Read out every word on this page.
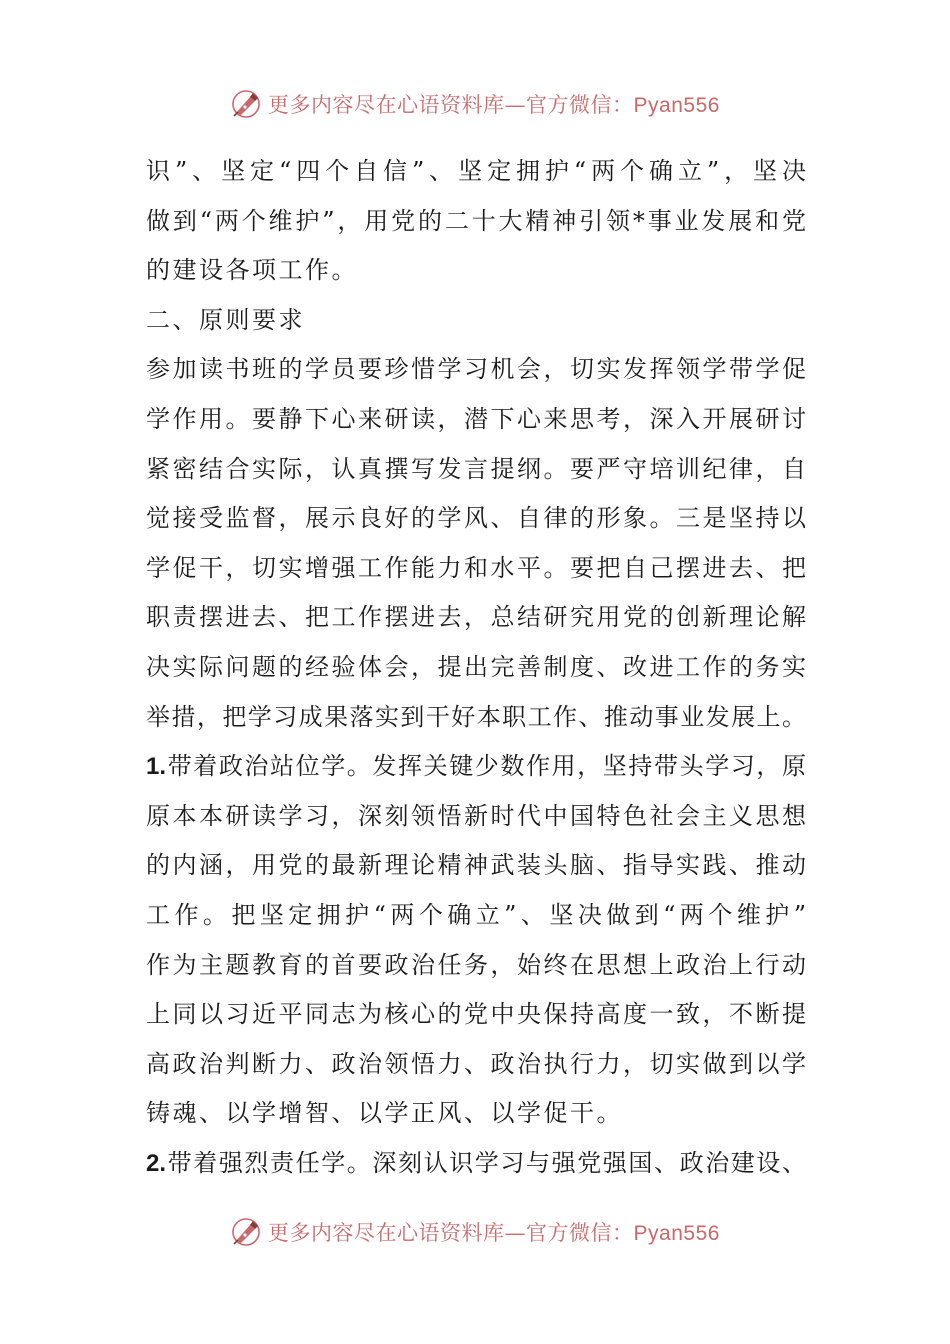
更多内容尽在心语资料库—官方微信：Pyan556
识”、坚定“四个自信”、坚定拥护“两个确立”，坚决
做到“两个维护”，用党的二十大精神引领*事业发展和党
的建设各项工作。
二、原则要求
参加读书班的学员要珍惜学习机会，切实发挥领学带学促
学作用。要静下心来研读，潜下心来思考，深入开展研讨
紧密结合实际，认真撰写发言提纲。要严守培训纪律，自
觉接受监督，展示良好的学风、自律的形象。三是坚持以
学促干，切实增强工作能力和水平。要把自己摆进去、把
职责摆进去、把工作摆进去，总结研究用党的创新理论解
决实际问题的经验体会，提出完善制度、改进工作的务实
举措，把学习成果落实到干好本职工作、推动事业发展上。
1.带着政治站位学。发挥关键少数作用，坚持带头学习，原
原本本研读学习，深刻领悟新时代中国特色社会主义思想
的内涵，用党的最新理论精神武装头脑、指导实践、推动
工作。把坚定拥护“两个确立”、坚决做到“两个维护”
作为主题教育的首要政治任务，始终在思想上政治上行动
上同以习近平同志为核心的党中央保持高度一致，不断提
高政治判断力、政治领悟力、政治执行力，切实做到以学
铸魂、以学增智、以学正风、以学促干。
2.带着强烈责任学。深刻认识学习与强党强国、政治建设、
更多内容尽在心语资料库—官方微信：Pyan556
